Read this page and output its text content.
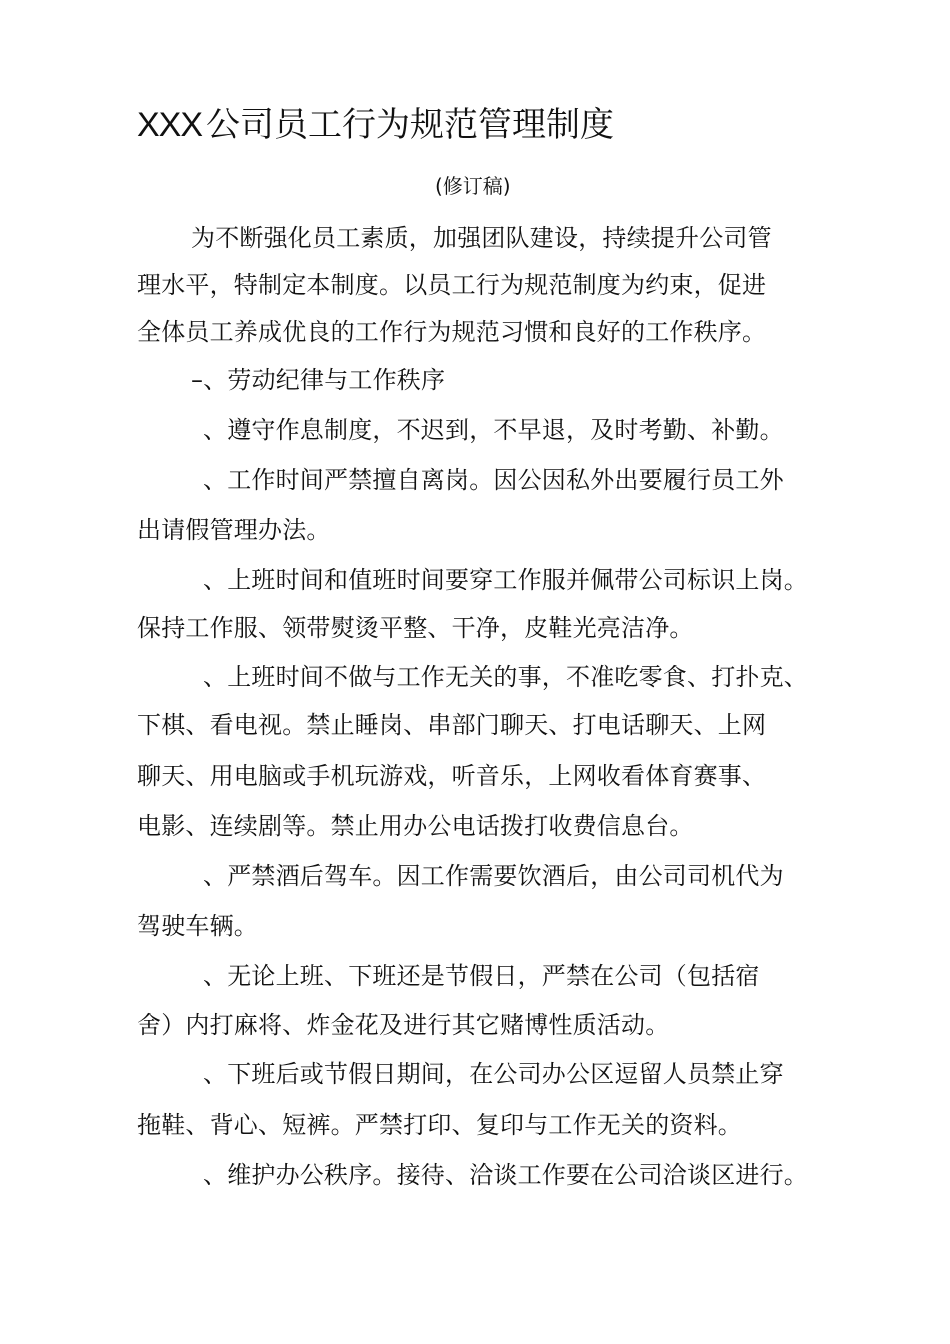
XXX 公司员工行为规范管理制度
(修订稿)
为不断强化员工素质，加强团队建设，持续提升公司管
理水平，特制定本制度。以员工行为规范制度为约束，促进
全体员工养成优良的工作行为规范习惯和良好的工作秩序。
–、劳动纪律与工作秩序
、遵守作息制度，不迟到，不早退，及时考勤、补勤。
、工作时间严禁擅自离岗。因公因私外出要履行员工外
出请假管理办法。
、上班时间和值班时间要穿工作服并佩带公司标识上岗。
保持工作服、领带熨烫平整、干净，皮鞋光亮洁净。
、上班时间不做与工作无关的事，不准吃零食、打扑克、
下棋、看电视。禁止睡岗、串部门聊天、打电话聊天、上网
聊天、用电脑或手机玩游戏，听音乐，上网收看体育赛事、
电影、连续剧等。禁止用办公电话拨打收费信息台。
、严禁酒后驾车。因工作需要饮酒后，由公司司机代为
驾驶车辆。
、无论上班、下班还是节假日，严禁在公司（包括宿
舍）内打麻将、炸金花及进行其它赌博性质活动。
、下班后或节假日期间，在公司办公区逗留人员禁止穿
拖鞋、背心、短裤。严禁打印、复印与工作无关的资料。
、维护办公秩序。接待、洽谈工作要在公司洽谈区进行。
